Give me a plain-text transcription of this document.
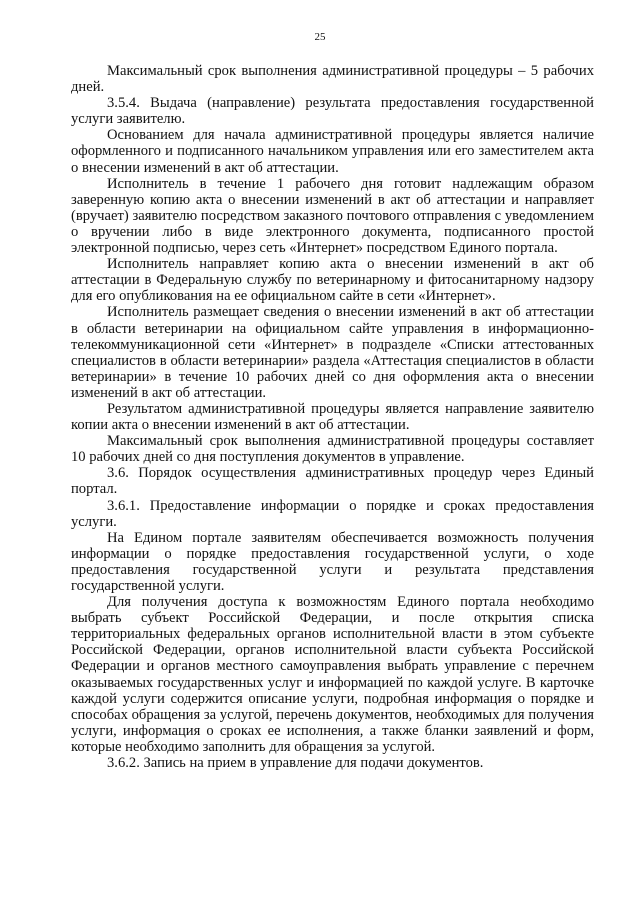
25

Максимальный срок выполнения административной процедуры – 5 рабочих дней.

3.5.4. Выдача (направление) результата предоставления государственной услуги заявителю.

Основанием для начала административной процедуры является наличие оформленного и подписанного начальником управления или его заместителем акта о внесении изменений в акт об аттестации.

Исполнитель в течение 1 рабочего дня готовит надлежащим образом заверенную копию акта о внесении изменений в акт об аттестации и направляет (вручает) заявителю посредством заказного почтового отправления с уведомлением о вручении либо в виде электронного документа, подписанного простой электронной подписью, через сеть «Интернет» посредством Единого портала.

Исполнитель направляет копию акта о внесении изменений в акт об аттестации в Федеральную службу по ветеринарному и фитосанитарному надзору для его опубликования на ее официальном сайте в сети «Интернет».

Исполнитель размещает сведения о внесении изменений в акт об аттестации в области ветеринарии на официальном сайте управления в информационно-телекоммуникационной сети «Интернет» в подразделе «Списки аттестованных специалистов в области ветеринарии» раздела «Аттестация специалистов в области ветеринарии» в течение 10 рабочих дней со дня оформления акта о внесении изменений в акт об аттестации.

Результатом административной процедуры является направление заявителю копии акта о внесении изменений в акт об аттестации.

Максимальный срок выполнения административной процедуры составляет 10 рабочих дней со дня поступления документов в управление.

3.6. Порядок осуществления административных процедур через Единый портал.

3.6.1. Предоставление информации о порядке и сроках предоставления услуги.

На Едином портале заявителям обеспечивается возможность получения информации о порядке предоставления государственной услуги, о ходе предоставления государственной услуги и результата представления государственной услуги.

Для получения доступа к возможностям Единого портала необходимо выбрать субъект Российской Федерации, и после открытия списка территориальных федеральных органов исполнительной власти в этом субъекте Российской Федерации, органов исполнительной власти субъекта Российской Федерации и органов местного самоуправления выбрать управление с перечнем оказываемых государственных услуг и информацией по каждой услуге. В карточке каждой услуги содержится описание услуги, подробная информация о порядке и способах обращения за услугой, перечень документов, необходимых для получения услуги, информация о сроках ее исполнения, а также бланки заявлений и форм, которые необходимо заполнить для обращения за услугой.

3.6.2. Запись на прием в управление для подачи документов.
